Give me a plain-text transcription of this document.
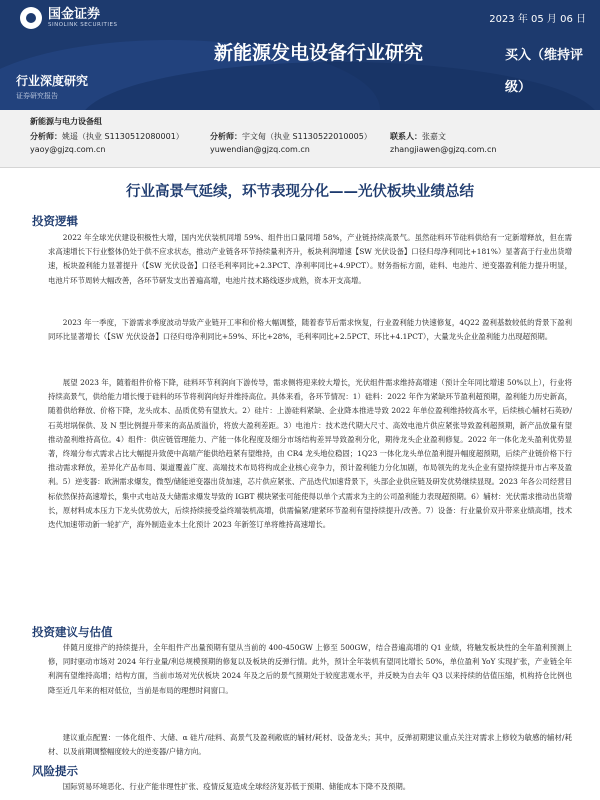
国金证券
SINOLINK SECURITIES	2023 年 05 月 06 日
新能源发电设备行业研究	买入（维持评级）
行业深度研究
证券研究报告
新能源与电力设备组
分析师：姚遥（执业 S1130512080001）
yaoy@gjzq.com.cn
分析师：宇文甸（执业 S1130522010005）
yuwendian@gjzq.com.cn
联系人：张嘉文
zhangjiawen@gjzq.com.cn
行业高景气延续，环节表现分化——光伏板块业绩总结
投资逻辑
2022 年全球光伏建设积极性大增，国内光伏装机同增 59%、组件出口量同增 58%，产业链持续高景气。虽然硅料环节硅料供给有一定新增释放，但在需求高速增长下行业整体仍处于供不应求状态，推动产业链各环节持续量利齐升，板块利润增速【SW 光伏设备】口径归母净利同比+181%）显著高于行业出货增速，板块盈利能力显著提升（【SW 光伏设备】口径毛利率同比+2.3PCT、净利率同比+4.9PCT）。财务指标方面，硅料、电池片、逆变器盈利能力提升明显，电池片环节周转大幅改善，各环节研发支出普遍高增，电池片技术路线逐步成熟，资本开支高增。
2023 年一季度，下游需求季度波动导致产业链开工率和价格大幅调整，随着春节后需求恢复，行业盈利能力快速修复，4Q22 盈利基数较低的背景下盈利同环比显著增长（【SW 光伏设备】口径归母净利同比+59%、环比+28%，毛利率同比+2.5PCT、环比+4.1PCT），大量龙头企业盈利能力出现超预期。
展望 2023 年，随着组件价格下降，硅料环节利润向下游传导，需求侧将迎来较大增长，光伏组件需求维持高增速（预计全年同比增速 50%以上），行业将持续高景气，供给能力增长慢于硅料的环节将利润向好并维持高位。具体来看，各环节情况：1）硅料：2022 年作为紧缺环节盈利超预期，盈利能力历史新高，随着供给释放、价格下降，龙头成本、品质优势有望放大。2）硅片：上游硅料紧缺、企业降本推进导致 2022 年单位盈利维持较高水平，后续核心辅材石英砂/石英坩埚保供、及 N 型比例提升带来的高品质溢价，将放大盈利差距。3）电池片：技术迭代期大尺寸、高效电池片供应紧张导致盈利超预期，新产品放量有望推动盈利维持高位。4）组件：供应链管理能力、产能一体化程度及细分市场结构差异导致盈利分化，期待龙头企业盈利修复。2022 年一体化龙头盈利优势显著，终端分布式需求占比大幅提升致使中高端产能供给趋紧有望维持，由 CR4 龙头地位稳固；1Q23 一体化龙头单位盈利提升幅度超预期，后续产业链价格下行推动需求释放，差异化产品布局、渠道覆盖广度、高端技术布局将构成企业核心竞争力，预计盈利能力分化加剧，布局领先的龙头企业有望持续提升市占率及盈利。5）逆变器：欧洲需求爆发，微型/储能逆变器出货加速，芯片供应紧张、产品迭代加速背景下，头部企业供应链及研发优势继续显现。2023 年各公司经营目标依然保持高速增长，集中式电站及大储需求爆发导致的 IGBT 模块紧张可能使得以单个式需求为主的公司盈利能力表现超预期。6）辅材：光伏需求推动出货增长，原材料成本压力下龙头优势放大，后续持续接受益终端装机高增，供需偏紧/建紧环节盈利有望持续提升/改善。7）设备：行业量价双升带来业绩高增，技术迭代加速带动新一轮扩产，海外制造业本土化预计 2023 年新签订单将维持高速增长。
投资建议与估值
伴随月度排产的持续提升，全年组件产出量预期有望从当前的 400-450GW 上修至 500GW，结合普遍高增的 Q1 业绩，将触发板块性的全年盈利预测上修，同时驱动市场对 2024 年行业量/利总规模预期的修复以及板块的反弹行情。此外，预计全年装机有望同比增长 50%，单位盈利 YoY 实现扩张，产业链全年利润有望维持高增；结构方面，当前市场对光伏板块 2024 年及之后的景气预期处于较度悲观水平，并反映为自去年 Q3 以来持续的估值压缩，机构持仓比例也降至近几年来的相对低位，当前是布局的理想时间窗口。
建议重点配置：一体化组件、大储、α 硅片/硅料、高景气及盈利敞底的辅材/耗材、设备龙头；其中，反弹初期建议重点关注对需求上修较为敏感的辅材/耗材、以及前期调整幅度较大的逆变器/户储方向。
风险提示
国际贸易环境恶化、行业产能非理性扩张、疫情反复造成全球经济复苏低于预期、储能成本下降不及预期。
